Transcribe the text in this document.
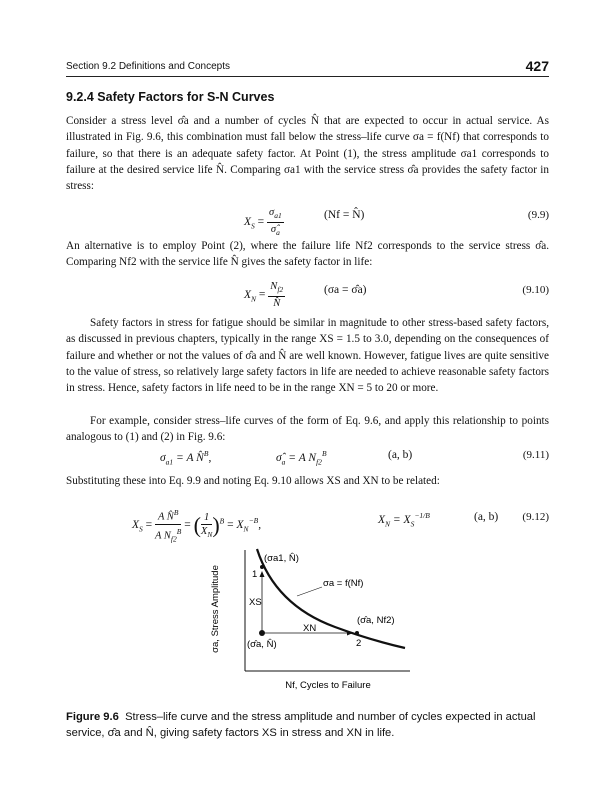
Section 9.2 Definitions and Concepts	427
9.2.4 Safety Factors for S-N Curves

Consider a stress level σ̂a and a number of cycles N̂ that are expected to occur in actual service. As illustrated in Fig. 9.6, this combination must fall below the stress–life curve σa = f(Nf) that corresponds to failure, so that there is an adequate safety factor. At Point (1), the stress amplitude σa1 corresponds to failure at the desired service life N̂. Comparing σa1 with the service stress σ̂a provides the safety factor in stress:

$X_S = \frac{\sigma_{a1}}{\sigmâ_a}$	(Nf = N̂)	(9.9)

An alternative is to employ Point (2), where the failure life Nf2 corresponds to the service stress σ̂a. Comparing Nf2 with the service life N̂ gives the safety factor in life:

$X_N = \frac{N_{f2}}{N̂}$	(σa = σ̂a)	(9.10)

Safety factors in stress for fatigue should be similar in magnitude to other stress-based safety factors, as discussed in previous chapters, typically in the range XS = 1.5 to 3.0, depending on the consequences of failure and whether or not the values of σ̂a and N̂ are well known. However, fatigue lives are quite sensitive to the value of stress, so relatively large safety factors in life are needed to achieve reasonable safety factors in stress. Hence, safety factors in life need to be in the range XN = 5 to 20 or more.

For example, consider stress–life curves of the form of Eq. 9.6, and apply this relationship to points analogous to (1) and (2) in Fig. 9.6:

$\sigma_{a1} = A$ N̂$^B$,	$\sigmâ_a = A$ $N_{f2}^B$	(a, b)	(9.11)

Substituting these into Eq. 9.9 and noting Eq. 9.10 allows XS and XN to be related:

$X_S = \frac{A N̂^B}{A N_{f2}^B}$ = ( $\frac{1}{X_N} )^B = X_N^{-B}$,	$X_N = X_S^{-1/B}$	(a, b) (9.12)
σa, Stress Amplitude
Nf, Cycles to Failure
(σa1, N̂)
1
σa = f(Nf)
XS
XN
(σ̂a, Nf2)
2
(σ̂a, N̂)
Figure 9.6 Stress–life curve and the stress amplitude and number of cycles expected in actual service, σ̂a and N̂, giving safety factors XS in stress and XN in life.
